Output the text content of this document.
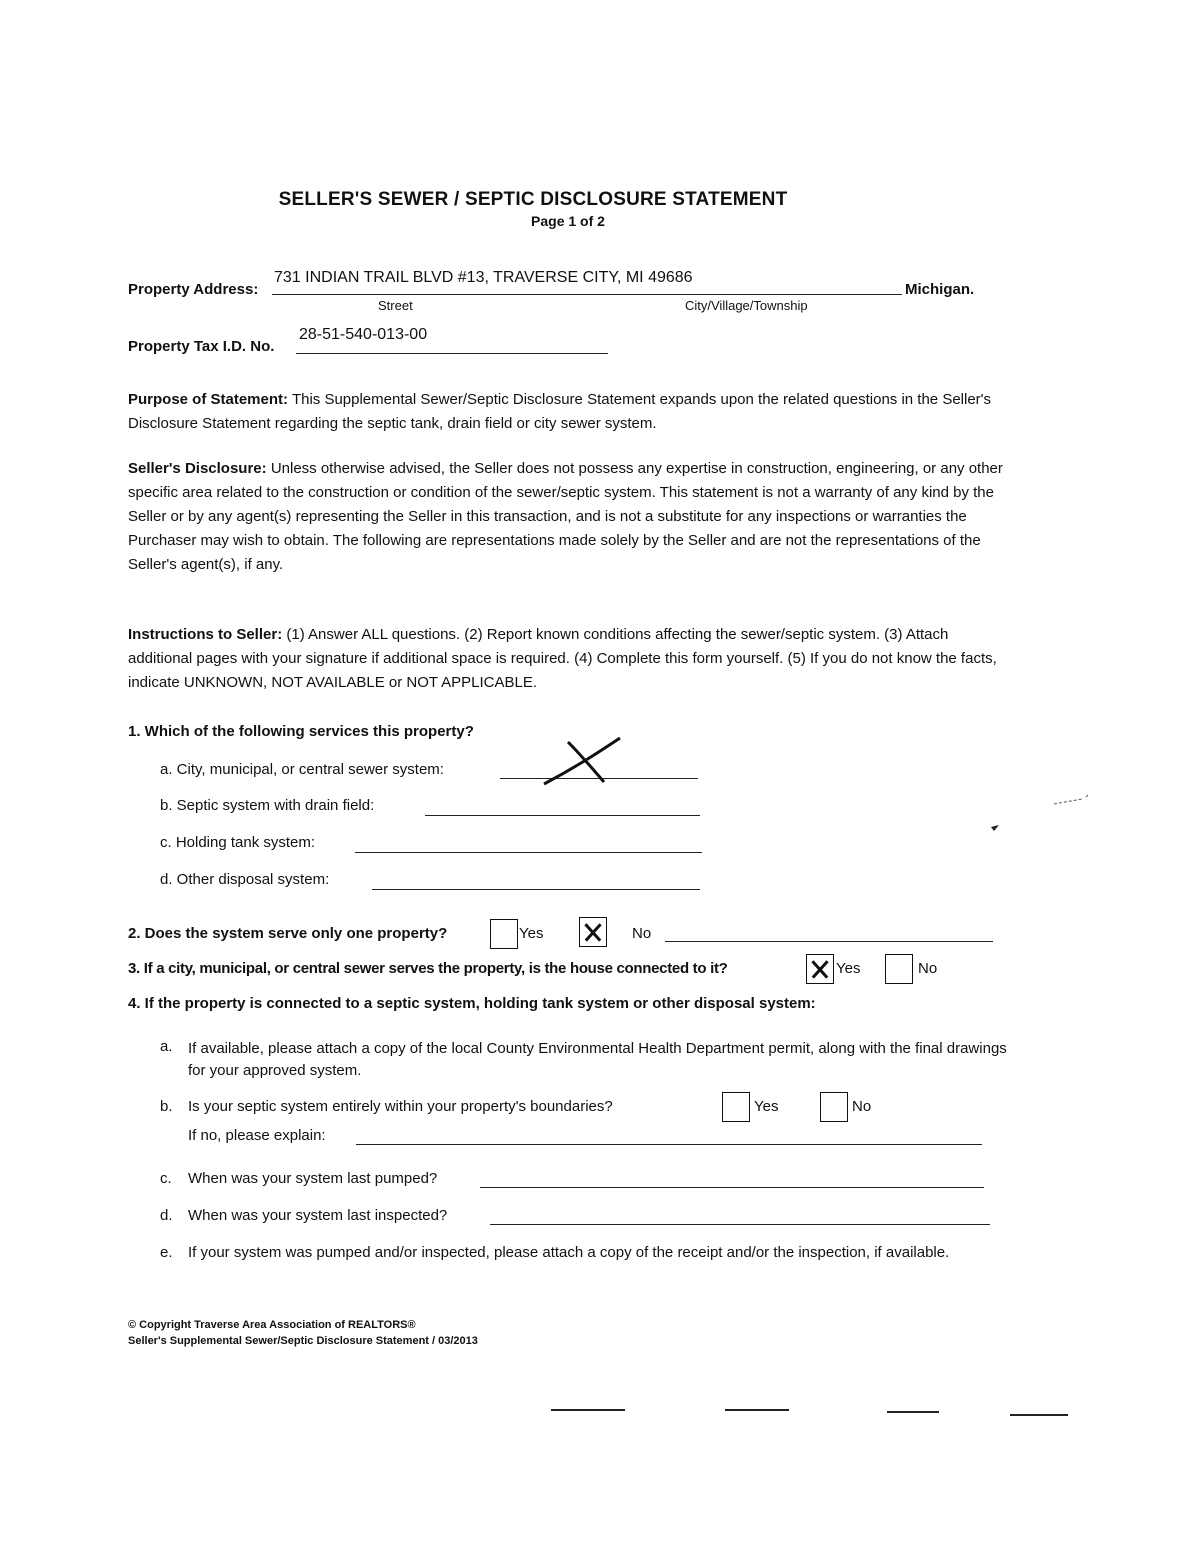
SELLER'S SEWER / SEPTIC DISCLOSURE STATEMENT
Page 1 of 2
Property Address:
731 INDIAN TRAIL BLVD #13, TRAVERSE CITY, MI 49686
Michigan.
Street	City/Village/Township
Property Tax I.D. No.
28-51-540-013-00
Purpose of Statement: This Supplemental Sewer/Septic Disclosure Statement expands upon the related questions in the Seller's Disclosure Statement regarding the septic tank, drain field or city sewer system.
Seller's Disclosure: Unless otherwise advised, the Seller does not possess any expertise in construction, engineering, or any other specific area related to the construction or condition of the sewer/septic system. This statement is not a warranty of any kind by the Seller or by any agent(s) representing the Seller in this transaction, and is not a substitute for any inspections or warranties the Purchaser may wish to obtain. The following are representations made solely by the Seller and are not the representations of the Seller's agent(s), if any.
Instructions to Seller: (1) Answer ALL questions. (2) Report known conditions affecting the sewer/septic system. (3) Attach additional pages with your signature if additional space is required. (4) Complete this form yourself. (5) If you do not know the facts, indicate UNKNOWN, NOT AVAILABLE or NOT APPLICABLE.
1. Which of the following services this property?
a. City, municipal, or central sewer system:
b. Septic system with drain field:
c. Holding tank system:
d. Other disposal system:
2. Does the system serve only one property?	Yes	No
3. If a city, municipal, or central sewer serves the property, is the house connected to it?	Yes	No
4. If the property is connected to a septic system, holding tank system or other disposal system:
a. If available, please attach a copy of the local County Environmental Health Department permit, along with the final drawings for your approved system.
b. Is your septic system entirely within your property's boundaries?	Yes	No
If no, please explain:
c. When was your system last pumped?
d. When was your system last inspected?
e. If your system was pumped and/or inspected, please attach a copy of the receipt and/or the inspection, if available.
© Copyright Traverse Area Association of REALTORS®
Seller's Supplemental Sewer/Septic Disclosure Statement / 03/2013
